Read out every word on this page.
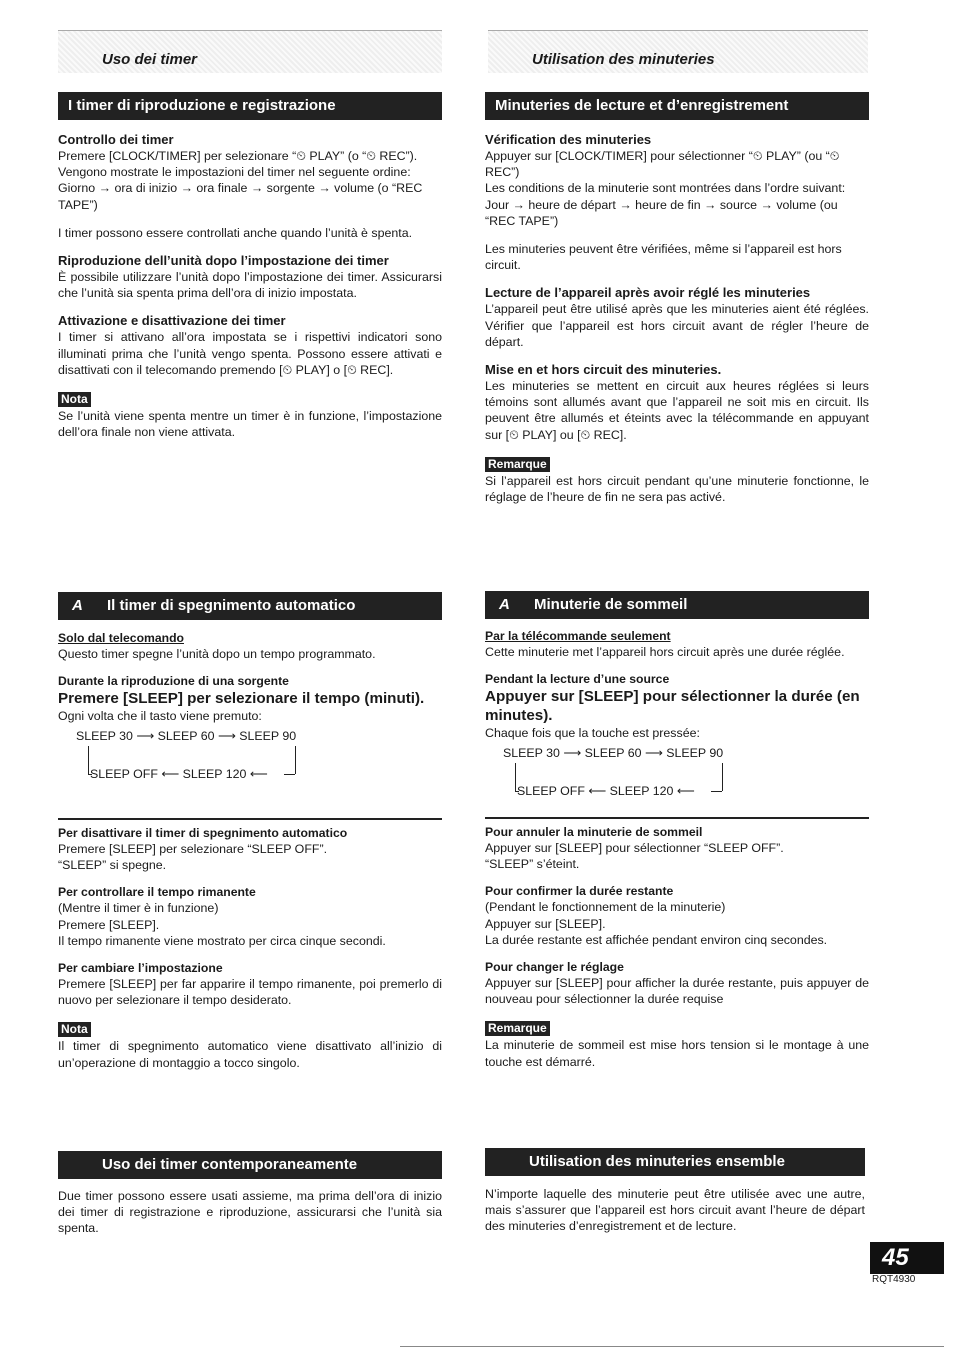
Uso dei timer	Utilisation des minuteries
I timer di riproduzione e registrazione	Minuteries de lecture et d’enregistrement

Controllo dei timer

Premere [CLOCK/TIMER] per selezionare “⏲ PLAY” (o “⏲ REC”).

Vengono mostrate le impostazioni del timer nel seguente ordine:

Giorno → ora di inizio → ora finale → sorgente → volume (o “REC TAPE”)

I timer possono essere controllati anche quando l’unità è spenta.

Riproduzione dell’unità dopo l’impostazione dei timer

È possibile utilizzare l’unità dopo l’impostazione dei timer. Assicurarsi che l’unità sia spenta prima dell’ora di inizio impostata.

Attivazione e disattivazione dei timer

I timer si attivano all’ora impostata se i rispettivi indicatori sono illuminati prima che l’unità vengo spenta. Possono essere attivati e disattivati con il telecomando premendo [⏲ PLAY] o [⏲ REC].

Nota

Se l’unità viene spenta mentre un timer è in funzione, l’impostazione dell’ora finale non viene attivata.

Vérification des minuteries

Appuyer sur [CLOCK/TIMER] pour sélectionner “⏲ PLAY” (ou “⏲ REC”)

Les conditions de la minuterie sont montrées dans l’ordre suivant:

Jour → heure de départ → heure de fin → source → volume (ou “REC TAPE”)

Les minuteries peuvent être vérifiées, même si l’appareil est hors circuit.

Lecture de l’appareil après avoir réglé les minuteries

L’appareil peut être utilisé après que les minuteries aient été réglées. Vérifier que l’appareil est hors circuit avant de régler l’heure de départ.

Mise en et hors circuit des minuteries.

Les minuteries se mettent en circuit aux heures réglées si leurs témoins sont allumés avant que l’appareil ne soit mis en circuit. Ils peuvent être allumés et éteints avec la télécommande en appuyant sur [⏲ PLAY] ou [⏲ REC].

Remarque

Si l’appareil est hors circuit pendant qu’une minuterie fonctionne, le réglage de l’heure de fin ne sera pas activé.

A Il timer di spegnimento automatico	A Minuterie de sommeil

Solo dal telecomando

Questo timer spegne l’unità dopo un tempo programmato.

Durante la riproduzione di una sorgente

Premere [SLEEP] per selezionare il tempo (minuti).

Ogni volta che il tasto viene premuto:

SLEEP 30 ⟶ SLEEP 60 ⟶ SLEEP 90
SLEEP OFF ⟵ SLEEP 120 ⟵

Per disattivare il timer di spegnimento automatico

Premere [SLEEP] per selezionare “SLEEP OFF”.

“SLEEP” si spegne.

Per controllare il tempo rimanente

(Mentre il timer è in funzione)

Premere [SLEEP].

Il tempo rimanente viene mostrato per circa cinque secondi.

Per cambiare l’impostazione

Premere [SLEEP] per far apparire il tempo rimanente, poi premerlo di nuovo per selezionare il tempo desiderato.

Nota

Il timer di spegnimento automatico viene disattivato all’inizio di un’operazione di montaggio a tocco singolo.

Par la télécommande seulement

Cette minuterie met l’appareil hors circuit après une durée réglée.

Pendant la lecture d’une source

Appuyer sur [SLEEP] pour sélectionner la durée (en minutes).

Chaque fois que la touche est pressée:

SLEEP 30 ⟶ SLEEP 60 ⟶ SLEEP 90
SLEEP OFF ⟵ SLEEP 120 ⟵

Pour annuler la minuterie de sommeil

Appuyer sur [SLEEP] pour sélectionner “SLEEP OFF”.

“SLEEP” s’éteint.

Pour confirmer la durée restante

(Pendant le fonctionnement de la minuterie)

Appuyer sur [SLEEP].

La durée restante est affichée pendant environ cinq secondes.

Pour changer le réglage

Appuyer sur [SLEEP] pour afficher la durée restante, puis appuyer de nouveau pour sélectionner la durée requise

Remarque

La minuterie de sommeil est mise hors tension si le montage à une touche est démarré.

Uso dei timer contemporaneamente	Utilisation des minuteries ensemble

Due timer possono essere usati assieme, ma prima dell’ora di inizio dei timer di registrazione e riproduzione, assicurarsi che l’unità sia spenta.

N’importe laquelle des minuterie peut être utilisée avec une autre, mais s’assurer que l’appareil est hors circuit avant l’heure de départ des minuteries d’enregistrement et de lecture.

45
RQT4930
